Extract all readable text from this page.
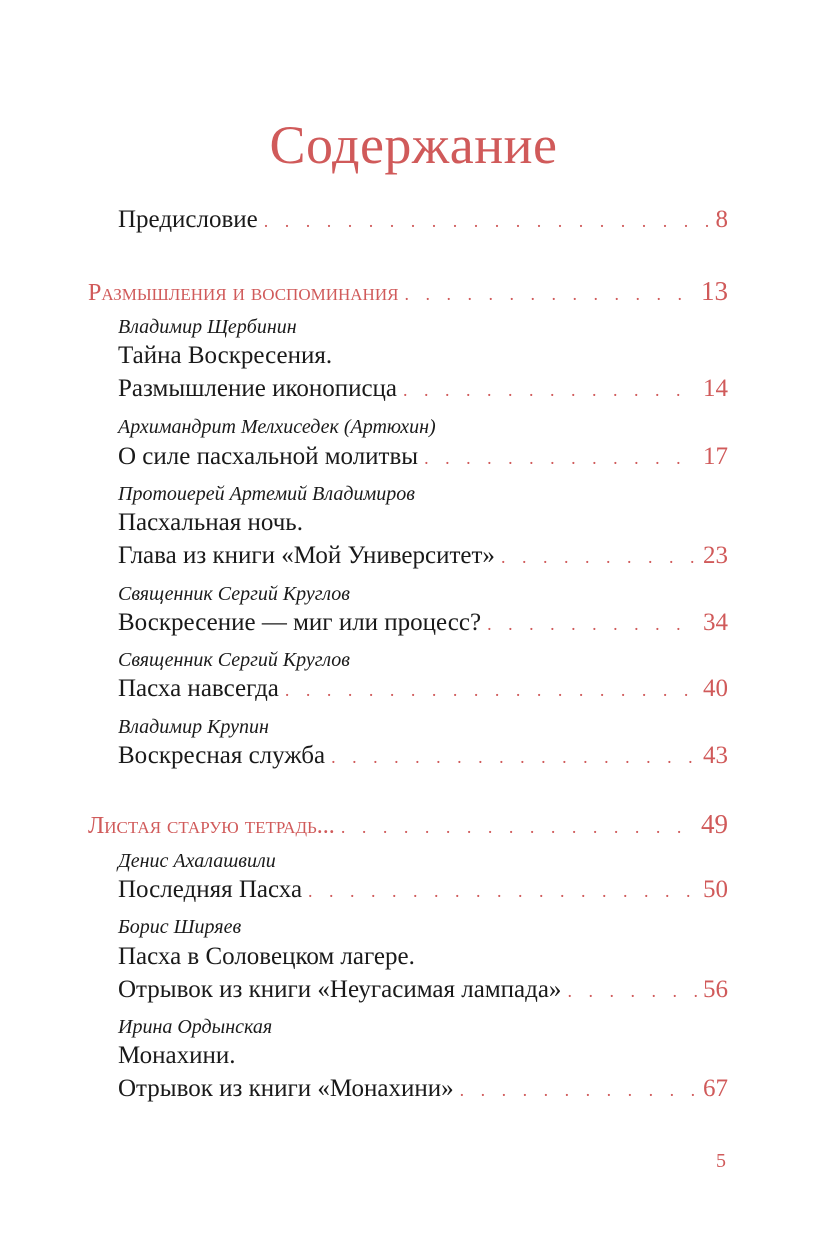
Содержание
Предисловие . . .	8
Размышления и воспоминания . . .	13
Владимир Щербинин
Тайна Воскресения.
Размышление иконописца . . .	14
Архимандрит Мелхиседек (Артюхин)
О силе пасхальной молитвы . . .	17
Протоиерей Артемий Владимиров
Пасхальная ночь.
Глава из книги «Мой Университет» . . .	23
Священник Сергий Круглов
Воскресение — миг или процесс? . . .	34
Священник Сергий Круглов
Пасха навсегда . . .	40
Владимир Крупин
Воскресная служба . . .	43
Листая старую тетрадь... . . .	49
Денис Ахалашвили
Последняя Пасха . . .	50
Борис Ширяев
Пасха в Соловецком лагере.
Отрывок из книги «Неугасимая лампада» . . .	56
Ирина Ордынская
Монахини.
Отрывок из книги «Монахини» . . .	67
5
